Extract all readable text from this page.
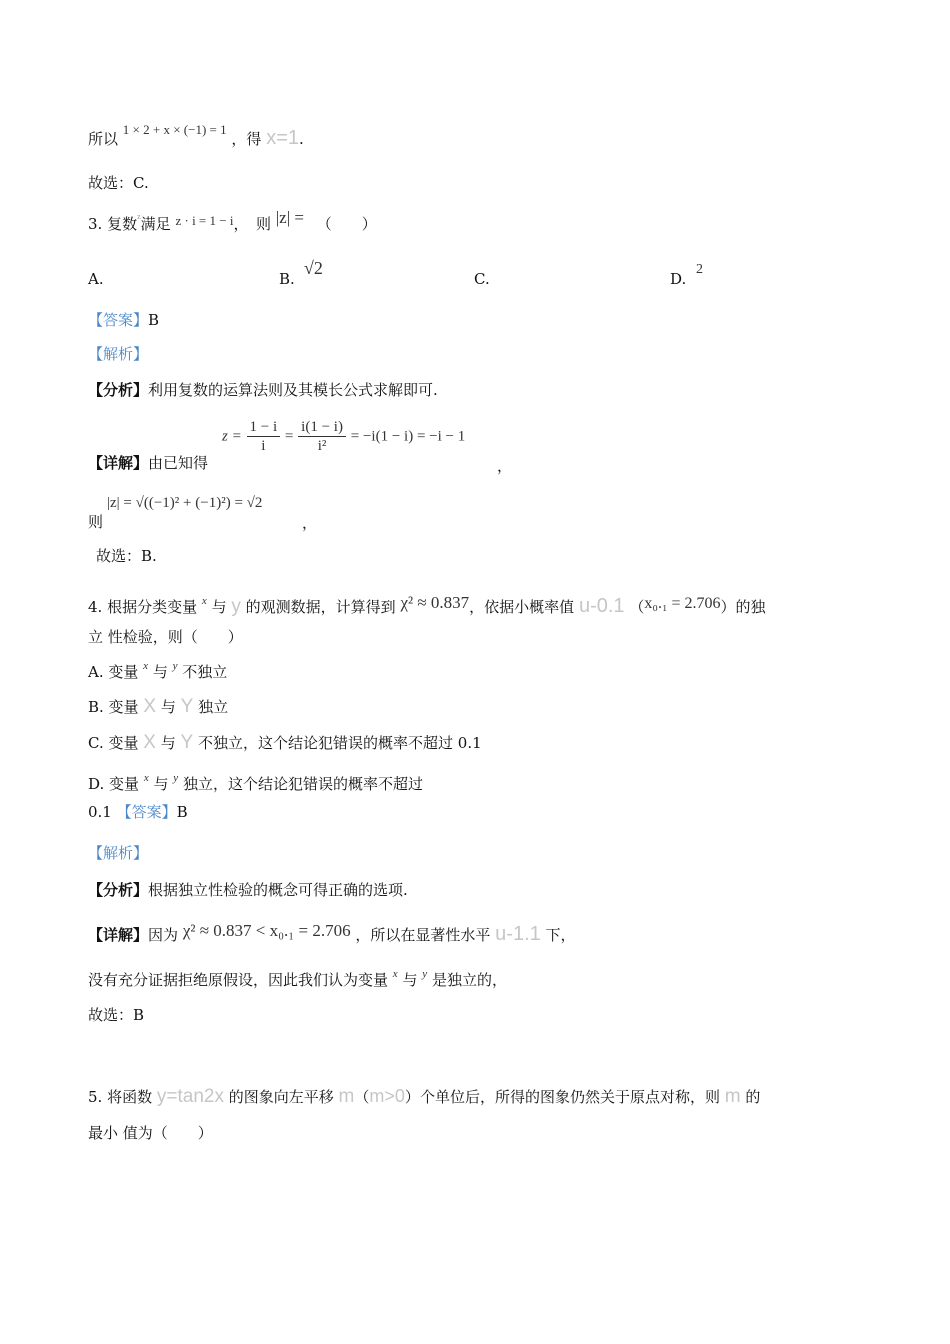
所以 1 × 2 + x × (−1) = 1 ，得 x=1.
故选：C.
3. 复数$^z$满足 z · i = 1 − i，　则 |z| = （　　）
A.	B.
√2
C.	D.
2
【答案】B
【解析】
【分析】利用复数的运算法则及其模长公式求解即可.
【详解】由已知得
$z = \frac{1 - i}{i} = \frac{i(1 - i)}{\text{i²}} = -i(1 - i) = -i - 1$
，
则
|z| = √((−1)² + (−1)²) = √2
，
故选：B.
4. 根据分类变量 $^x$ 与 y 的观测数据，计算得到 χ² ≈ 0.837，依据小概率值 u-0.1 （x₀.₁ = 2.706）的独
立 性检验，则（　　）
A. 变量 $^x$ 与 $^y$ 不独立
B. 变量 X 与 Y 独立
C. 变量 X 与 Y 不独立，这个结论犯错误的概率不超过 0.1
D. 变量 $^x$ 与 $^y$ 独立，这个结论犯错误的概率不超过
0.1 【答案】B
【解析】
【分析】根据独立性检验的概念可得正确的选项.
【详解】因为 χ² ≈ 0.837 < x₀.₁ = 2.706 ，所以在显著性水平 u-1.1 下，
没有充分证据拒绝原假设，因此我们认为变量 $^x$ 与 $^y$ 是独立的，
故选：B
5. 将函数 y=tan2x 的图象向左平移 m（m>0）个单位后，所得的图象仍然关于原点对称，则 m 的
最小 值为（　　）
